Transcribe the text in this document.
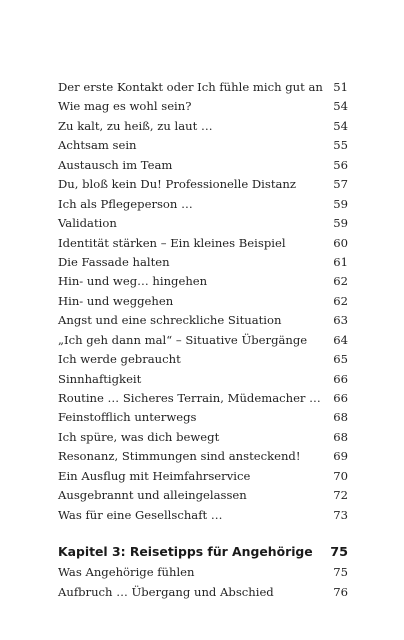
Der erste Kontakt oder Ich fühle mich gut an 51
Wie mag es wohl sein?	54
Zu kalt, zu heiß, zu laut …	54
Achtsam sein	55
Austausch im Team	56
Du, bloß kein Du! Professionelle Distanz	57
Ich als Pflegeperson …	59
Validation	59
Identität stärken – Ein kleines Beispiel	60
Die Fassade halten	61
Hin- und weg… hingehen	62
Hin- und weggehen	62
Angst und eine schreckliche Situation	63
„Ich geh dann mal“ – Situative Übergänge	64
Ich werde gebraucht	65
Sinnhaftigkeit	66
Routine … Sicheres Terrain, Müdemacher …	66
Feinstofflich unterwegs	68
Ich spüre, was dich bewegt	68
Resonanz, Stimmungen sind ansteckend!	69
Ein Ausflug mit Heimfahrservice	70
Ausgebrannt und alleingelassen	72
Was für eine Gesellschaft …	73
Kapitel 3: Reisetipps für Angehörige 75
Was Angehörige fühlen	75
Aufbruch … Übergang und Abschied	76
